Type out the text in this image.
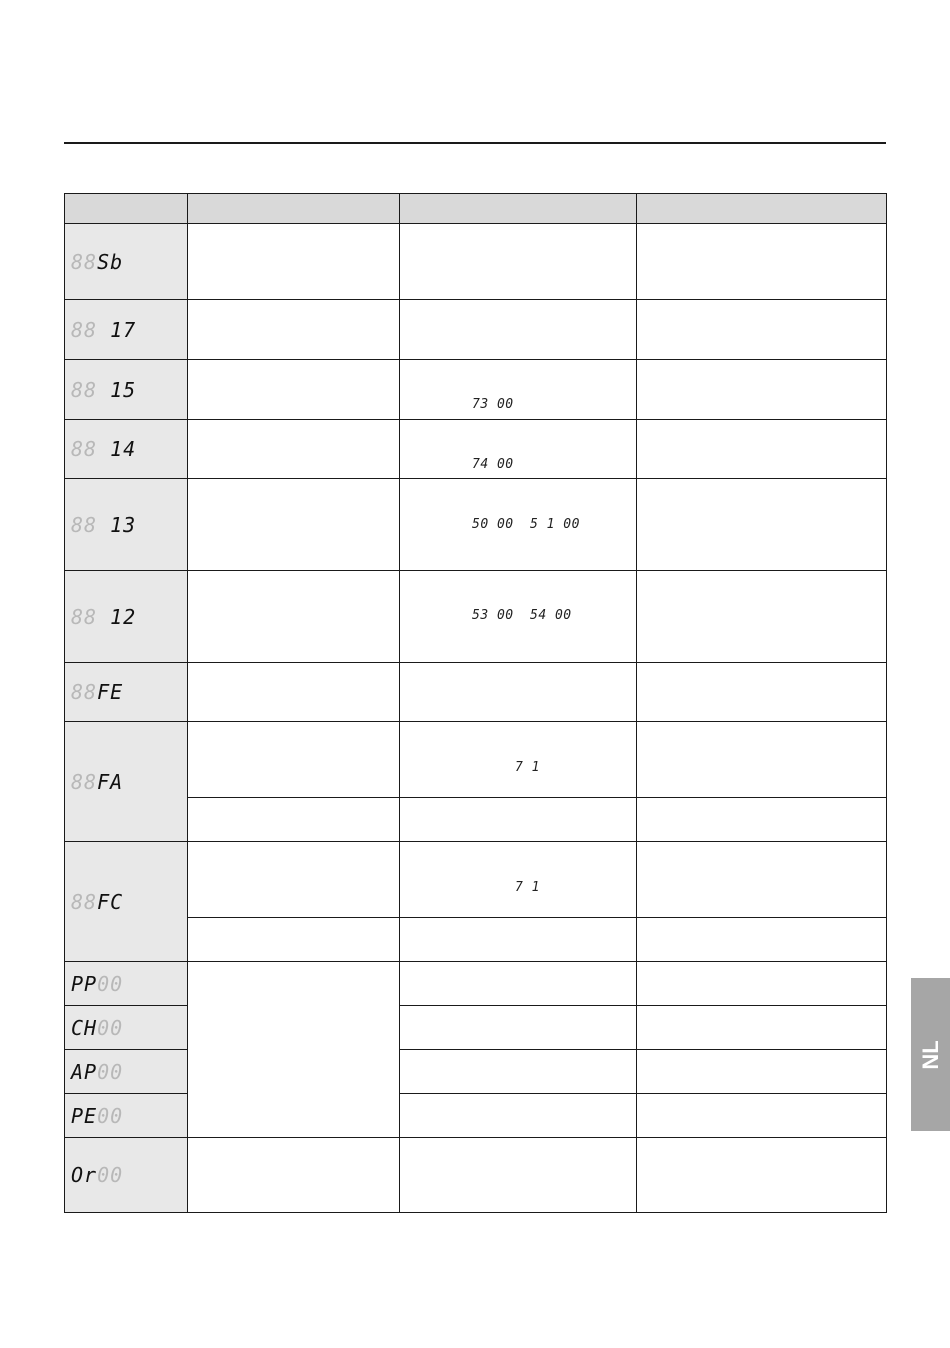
88Sb			
88 17			
88 15		73 00	

88 14		74 00	

88 13		50 00 5 1 00	

88 12		53 00 54 00	

88FE			
88FA		7 1	

88FC		7 1	

PP00			
CH00			
AP00			
PE00			
Or00			
NL
